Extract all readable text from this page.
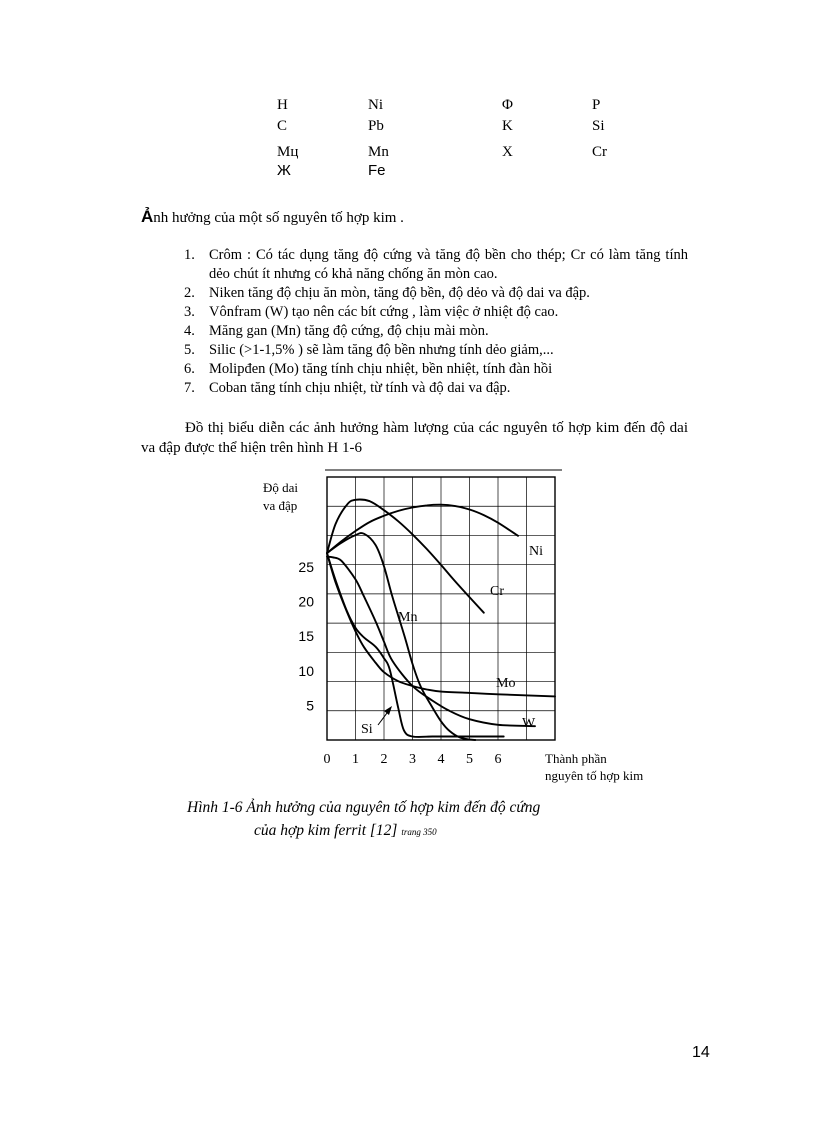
H
C
Mц
Ж
Ni
Pb
Mn
Fe
Φ
K
X
P
Si
Cr
Ảnh hưởng của một số nguyên tố hợp kim .
1. Crôm : Có tác dụng tăng độ cứng và tăng độ bền cho thép; Cr có làm tăng tính dẻo chút ít nhưng có khả năng chống ăn mòn cao.
2. Niken tăng độ chịu ăn mòn, tăng độ bền, độ dẻo và độ dai va đập.
3. Vônfram (W) tạo nên các bít cứng , làm việc ở nhiệt độ cao.
4. Măng gan (Mn) tăng độ cứng, độ chịu mài mòn.
5. Silic (>1-1,5% ) sẽ làm tăng độ bền nhưng tính dẻo giảm,...
6. Molipđen (Mo) tăng tính chịu nhiệt, bền nhiệt, tính đàn hồi
7. Coban tăng tính chịu nhiệt, từ tính và độ dai va đập.
Đồ thị biểu diễn các ảnh hưởng hàm lượng của các nguyên tố hợp kim đến độ dai va đập được thể hiện trên hình H 1-6
25
20
15
10
5
0 1 2 3 4 5 6
Độ dai
va đập
Thành phần
nguyên tố hợp kim
Ni
Cr
Mn
Mo
W
Si
Hình 1-6 Ảnh hưởng của nguyên tố hợp kim đến độ cứng
của hợp kim ferrit [12] trang 350
14
